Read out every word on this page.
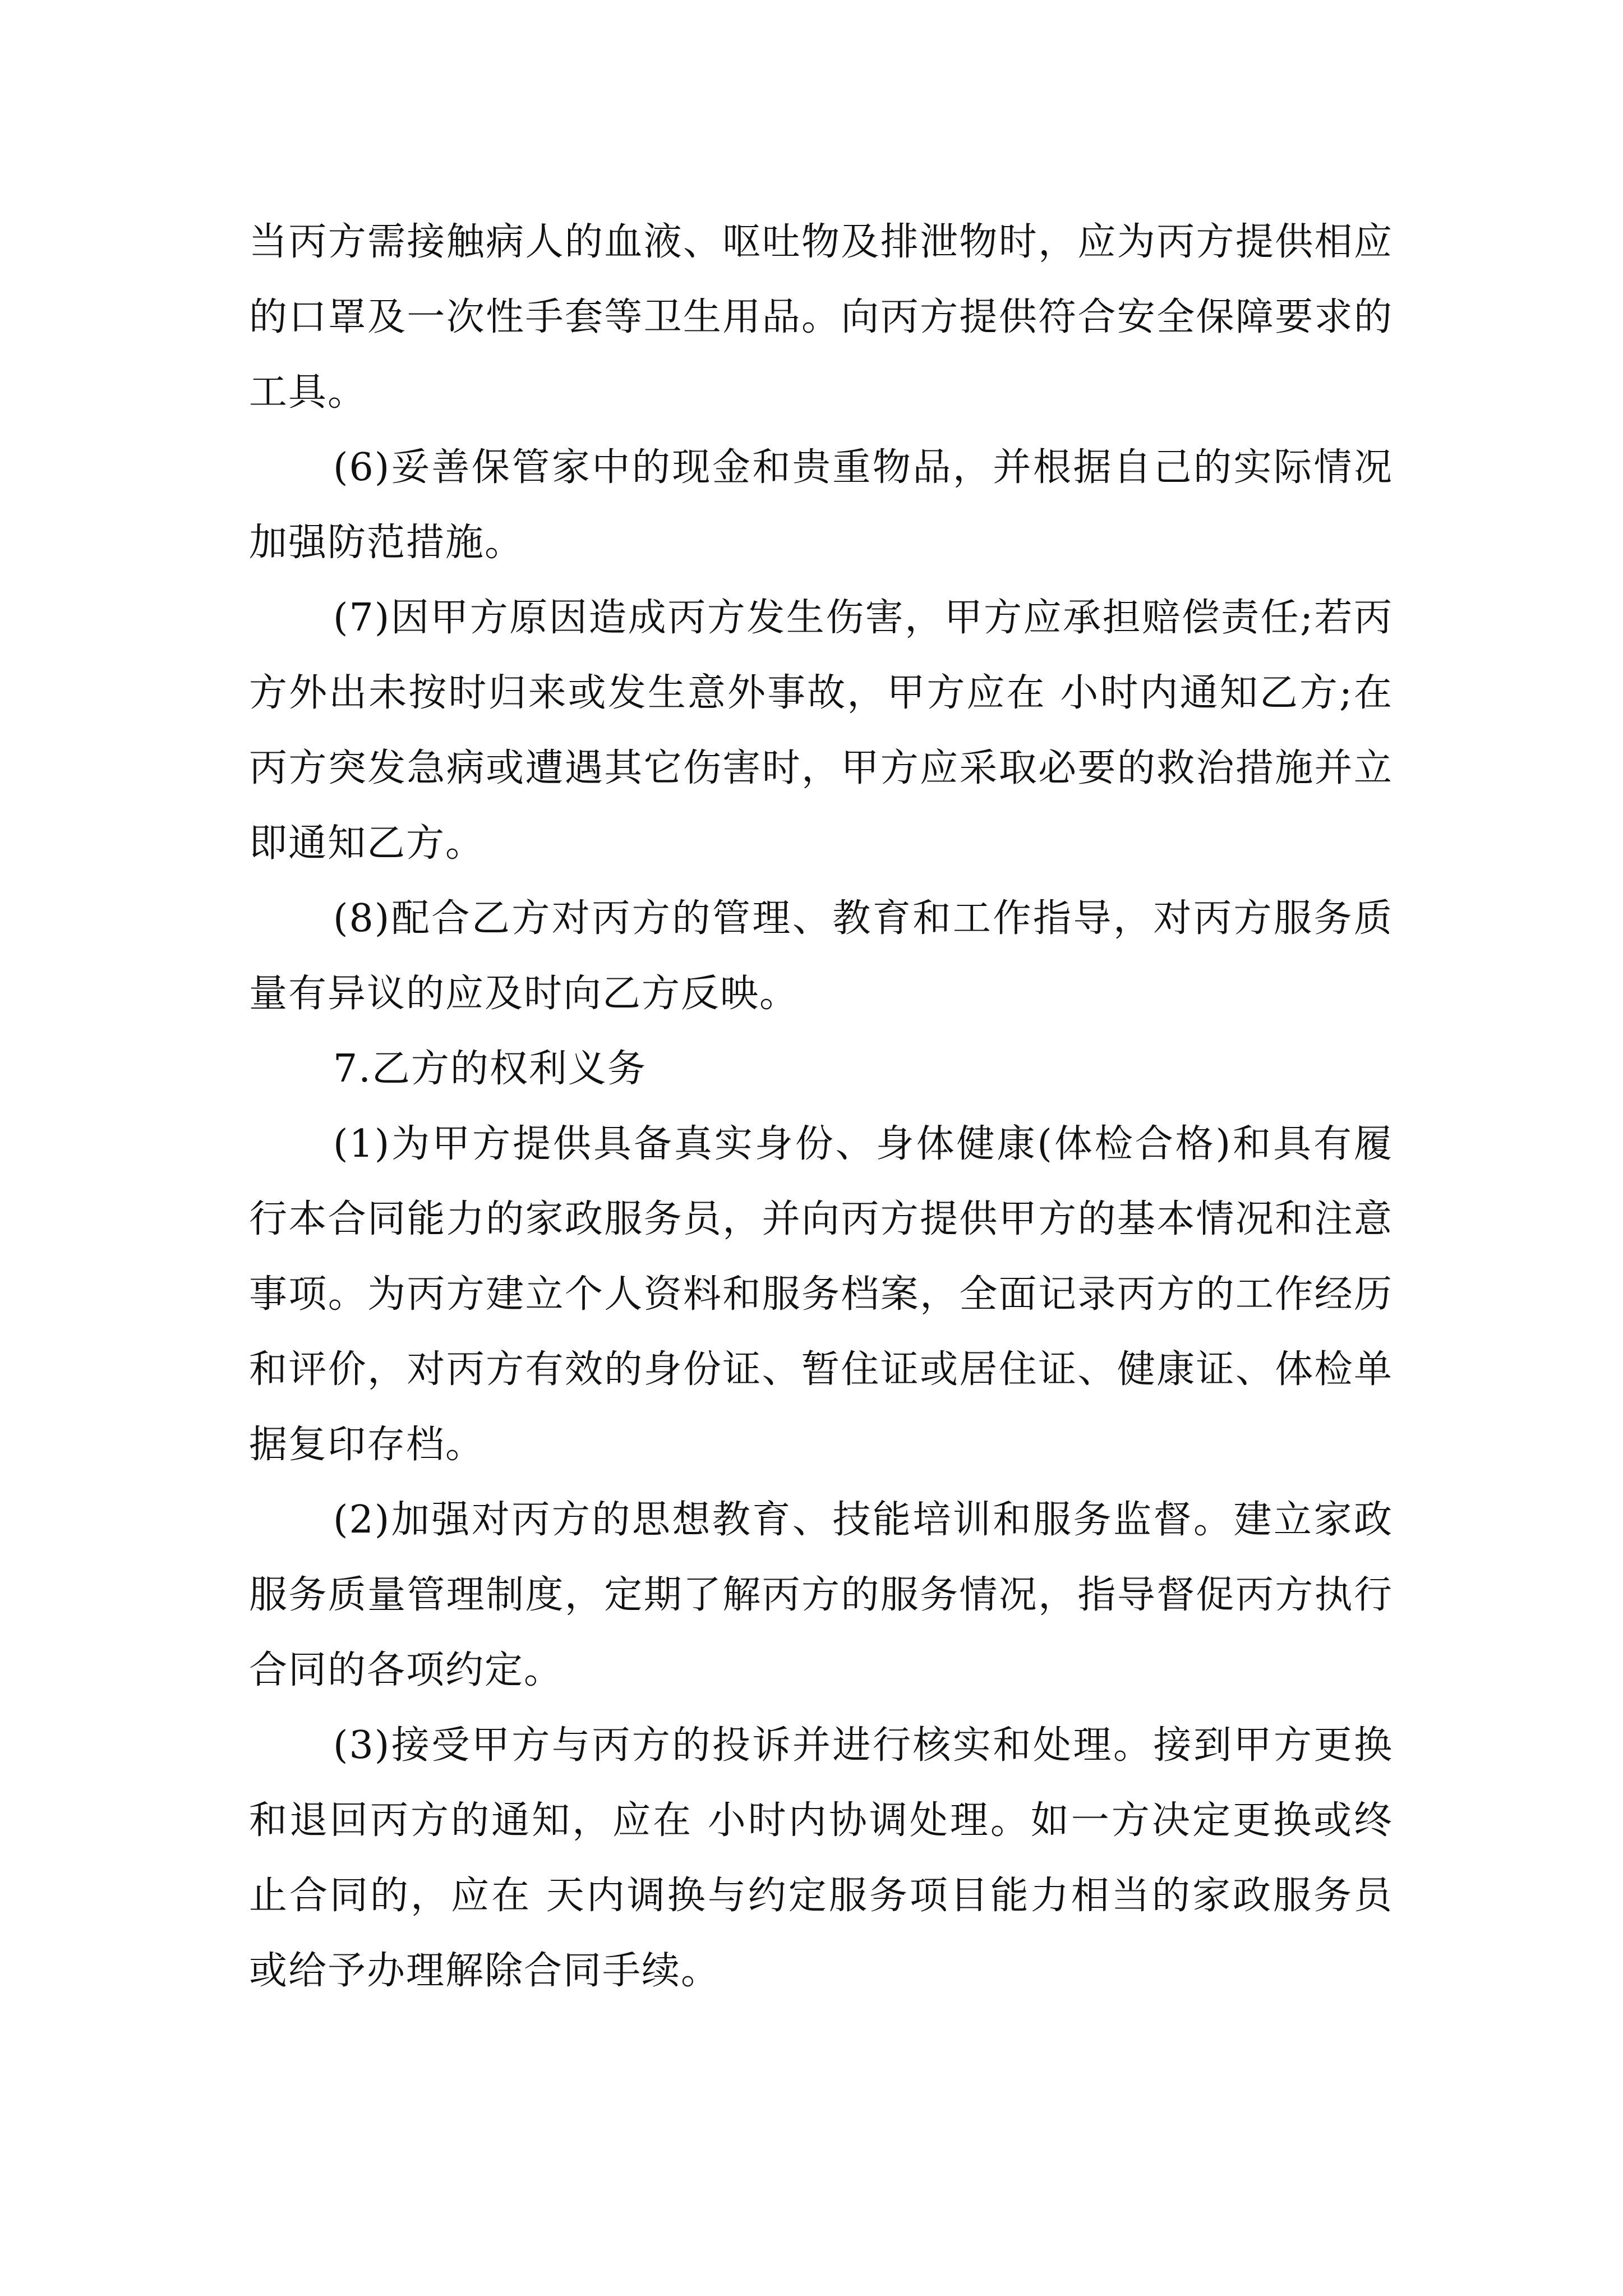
当丙方需接触病人的血液、呕吐物及排泄物时，应为丙方提供相应的口罩及一次性手套等卫生用品。向丙方提供符合安全保障要求的工具。

(6)妥善保管家中的现金和贵重物品，并根据自己的实际情况加强防范措施。

(7)因甲方原因造成丙方发生伤害，甲方应承担赔偿责任;若丙方外出未按时归来或发生意外事故，甲方应在 小时内通知乙方;在丙方突发急病或遭遇其它伤害时，甲方应采取必要的救治措施并立即通知乙方。

(8)配合乙方对丙方的管理、教育和工作指导，对丙方服务质量有异议的应及时向乙方反映。

7.乙方的权利义务

(1)为甲方提供具备真实身份、身体健康(体检合格)和具有履行本合同能力的家政服务员，并向丙方提供甲方的基本情况和注意事项。为丙方建立个人资料和服务档案，全面记录丙方的工作经历和评价，对丙方有效的身份证、暂住证或居住证、健康证、体检单据复印存档。

(2)加强对丙方的思想教育、技能培训和服务监督。建立家政服务质量管理制度，定期了解丙方的服务情况，指导督促丙方执行合同的各项约定。

(3)接受甲方与丙方的投诉并进行核实和处理。接到甲方更换和退回丙方的通知，应在 小时内协调处理。如一方决定更换或终止合同的，应在 天内调换与约定服务项目能力相当的家政服务员或给予办理解除合同手续。
